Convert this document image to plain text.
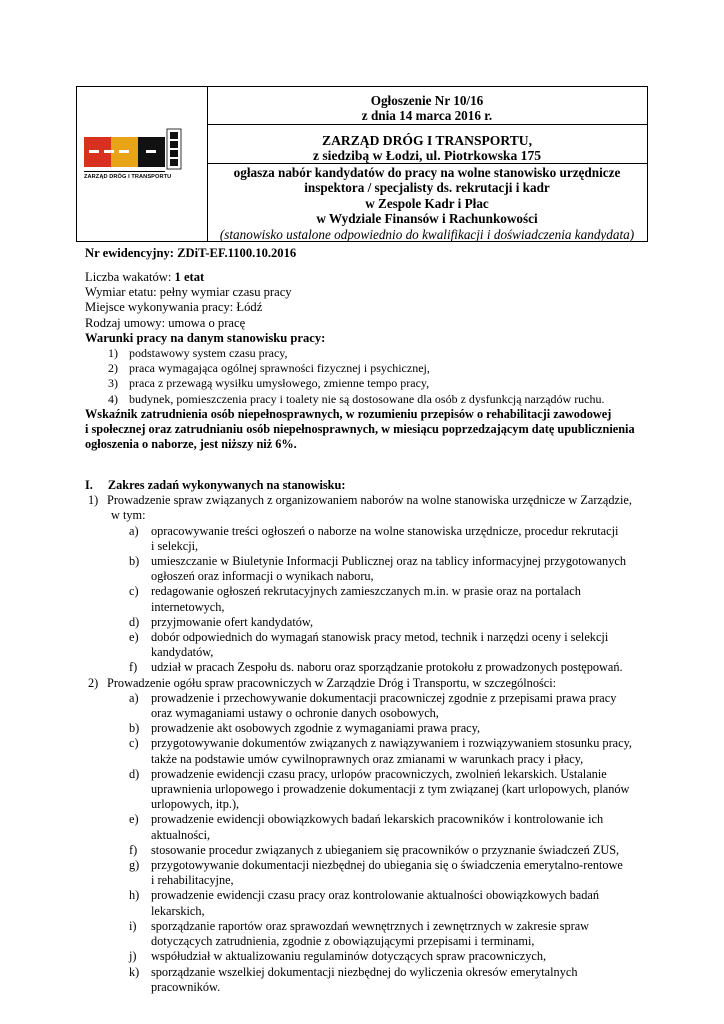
ZARZĄD DRÓG I TRANSPORTU
Ogłoszenie Nr 10/16
z dnia 14 marca 2016 r.
ZARZĄD DRÓG I TRANSPORTU,
z siedzibą w Łodzi, ul. Piotrkowska 175
ogłasza nabór kandydatów do pracy na wolne stanowisko urzędnicze
inspektora / specjalisty ds. rekrutacji i kadr
w Zespole Kadr i Płac
w Wydziale Finansów i Rachunkowości
(stanowisko ustalone odpowiednio do kwalifikacji i doświadczenia kandydata)
Nr ewidencyjny: ZDiT-EF.1100.10.2016
Liczba wakatów: 1 etat
Wymiar etatu: pełny wymiar czasu pracy
Miejsce wykonywania pracy: Łódź
Rodzaj umowy: umowa o pracę
Warunki pracy na danym stanowisku pracy:
1) podstawowy system czasu pracy,
2) praca wymagająca ogólnej sprawności fizycznej i psychicznej,
3) praca z przewagą wysiłku umysłowego, zmienne tempo pracy,
4) budynek, pomieszczenia pracy i toalety nie są dostosowane dla osób z dysfunkcją narządów ruchu.
Wskaźnik zatrudnienia osób niepełnosprawnych, w rozumieniu przepisów o rehabilitacji zawodowej
i społecznej oraz zatrudnianiu osób niepełnosprawnych, w miesiącu poprzedzającym datę upublicznienia
ogłoszenia o naborze, jest niższy niż 6%.
I. Zakres zadań wykonywanych na stanowisku:
1) Prowadzenie spraw związanych z organizowaniem naborów na wolne stanowiska urzędnicze w Zarządzie,
w tym:
a) opracowywanie treści ogłoszeń o naborze na wolne stanowiska urzędnicze, procedur rekrutacji
i selekcji,
b) umieszczanie w Biuletynie Informacji Publicznej oraz na tablicy informacyjnej przygotowanych
ogłoszeń oraz informacji o wynikach naboru,
c) redagowanie ogłoszeń rekrutacyjnych zamieszczanych m.in. w prasie oraz na portalach
internetowych,
d) przyjmowanie ofert kandydatów,
e) dobór odpowiednich do wymagań stanowisk pracy metod, technik i narzędzi oceny i selekcji
kandydatów,
f) udział w pracach Zespołu ds. naboru oraz sporządzanie protokołu z prowadzonych postępowań.
2) Prowadzenie ogółu spraw pracowniczych w Zarządzie Dróg i Transportu, w szczególności:
a) prowadzenie i przechowywanie dokumentacji pracowniczej zgodnie z przepisami prawa pracy
oraz wymaganiami ustawy o ochronie danych osobowych,
b) prowadzenie akt osobowych zgodnie z wymaganiami prawa pracy,
c) przygotowywanie dokumentów związanych z nawiązywaniem i rozwiązywaniem stosunku pracy,
także na podstawie umów cywilnoprawnych oraz zmianami w warunkach pracy i płacy,
d) prowadzenie ewidencji czasu pracy, urlopów pracowniczych, zwolnień lekarskich. Ustalanie
uprawnienia urlopowego i prowadzenie dokumentacji z tym związanej (kart urlopowych, planów
urlopowych, itp.),
e) prowadzenie ewidencji obowiązkowych badań lekarskich pracowników i kontrolowanie ich
aktualności,
f) stosowanie procedur związanych z ubieganiem się pracowników o przyznanie świadczeń ZUS,
g) przygotowywanie dokumentacji niezbędnej do ubiegania się o świadczenia emerytalno-rentowe
i rehabilitacyjne,
h) prowadzenie ewidencji czasu pracy oraz kontrolowanie aktualności obowiązkowych badań
lekarskich,
i) sporządzanie raportów oraz sprawozdań wewnętrznych i zewnętrznych w zakresie spraw
dotyczących zatrudnienia, zgodnie z obowiązującymi przepisami i terminami,
j) współudział w aktualizowaniu regulaminów dotyczących spraw pracowniczych,
k) sporządzanie wszelkiej dokumentacji niezbędnej do wyliczenia okresów emerytalnych
pracowników.
